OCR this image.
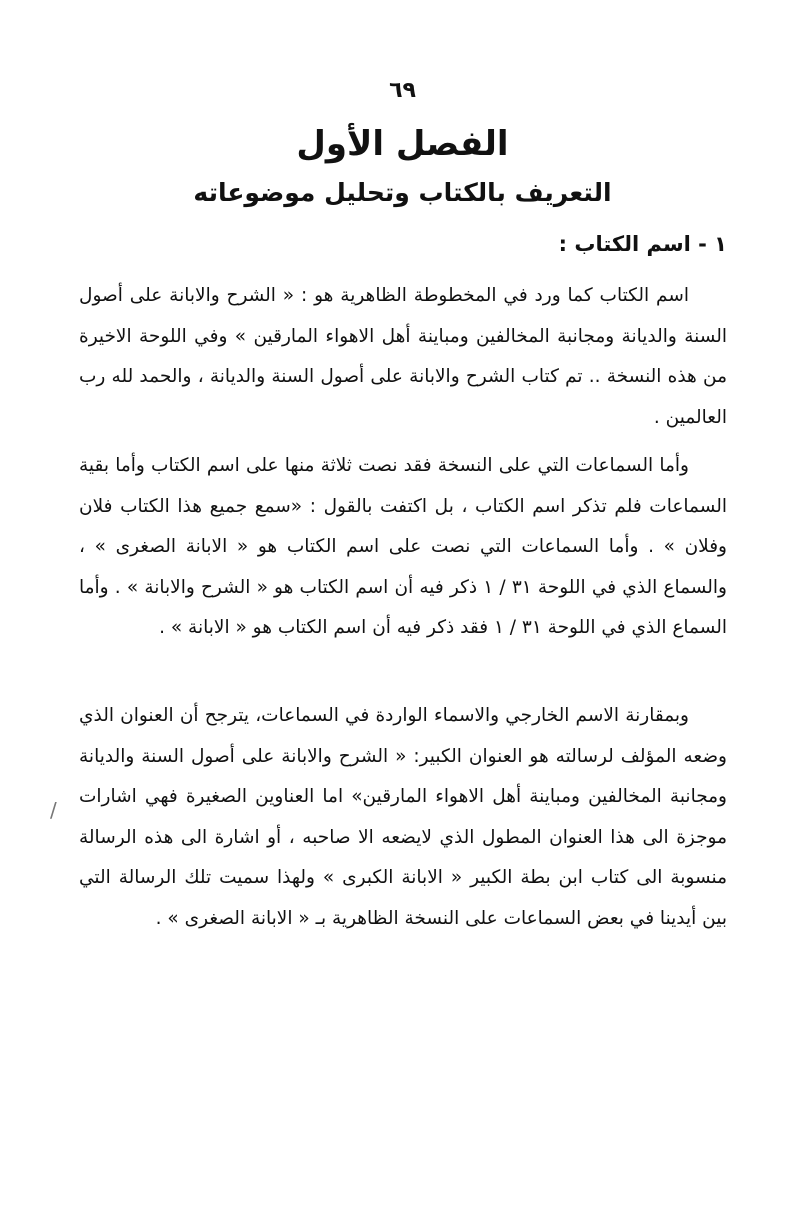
٦٩
الفصل الأول
التعريف بالكتاب وتحليل موضوعاته
١ - اسم الكتاب :

اسم الكتاب كما ورد في المخطوطة الظاهرية هو : « الشرح والابانة على أصول السنة والديانة ومجانبة المخالفين ومباينة أهل الاهواء المارقين » وفي اللوحة الاخيرة من هذه النسخة .. تم كتاب الشرح والابانة على أصول السنة والديانة ، والحمد لله رب العالمين .

وأما السماعات التي على النسخة فقد نصت ثلاثة منها على اسم الكتاب وأما بقية السماعات فلم تذكر اسم الكتاب ، بل اكتفت بالقول : «سمع جميع هذا الكتاب فلان وفلان » . وأما السماعات التي نصت على اسم الكتاب هو « الابانة الصغرى » ، والسماع الذي في اللوحة ٣١ / ١ ذكر فيه أن اسم الكتاب هو « الشرح والابانة » . وأما السماع الذي في اللوحة ٣١ / ١ فقد ذكر فيه أن اسم الكتاب هو « الابانة » .

وبمقارنة الاسم الخارجي والاسماء الواردة في السماعات، يترجح أن العنوان الذي وضعه المؤلف لرسالته هو العنوان الكبير: « الشرح والابانة على أصول السنة والديانة ومجانبة المخالفين ومباينة أهل الاهواء المارقين» اما العناوين الصغيرة فهي اشارات موجزة الى هذا العنوان المطول الذي لايضعه الا صاحبه ، أو اشارة الى هذه الرسالة منسوبة الى كتاب ابن بطة الكبير « الابانة الكبرى » ولهذا سميت تلك الرسالة التي بين أيدينا في بعض السماعات على النسخة الظاهرية بـ « الابانة الصغرى » .

/
